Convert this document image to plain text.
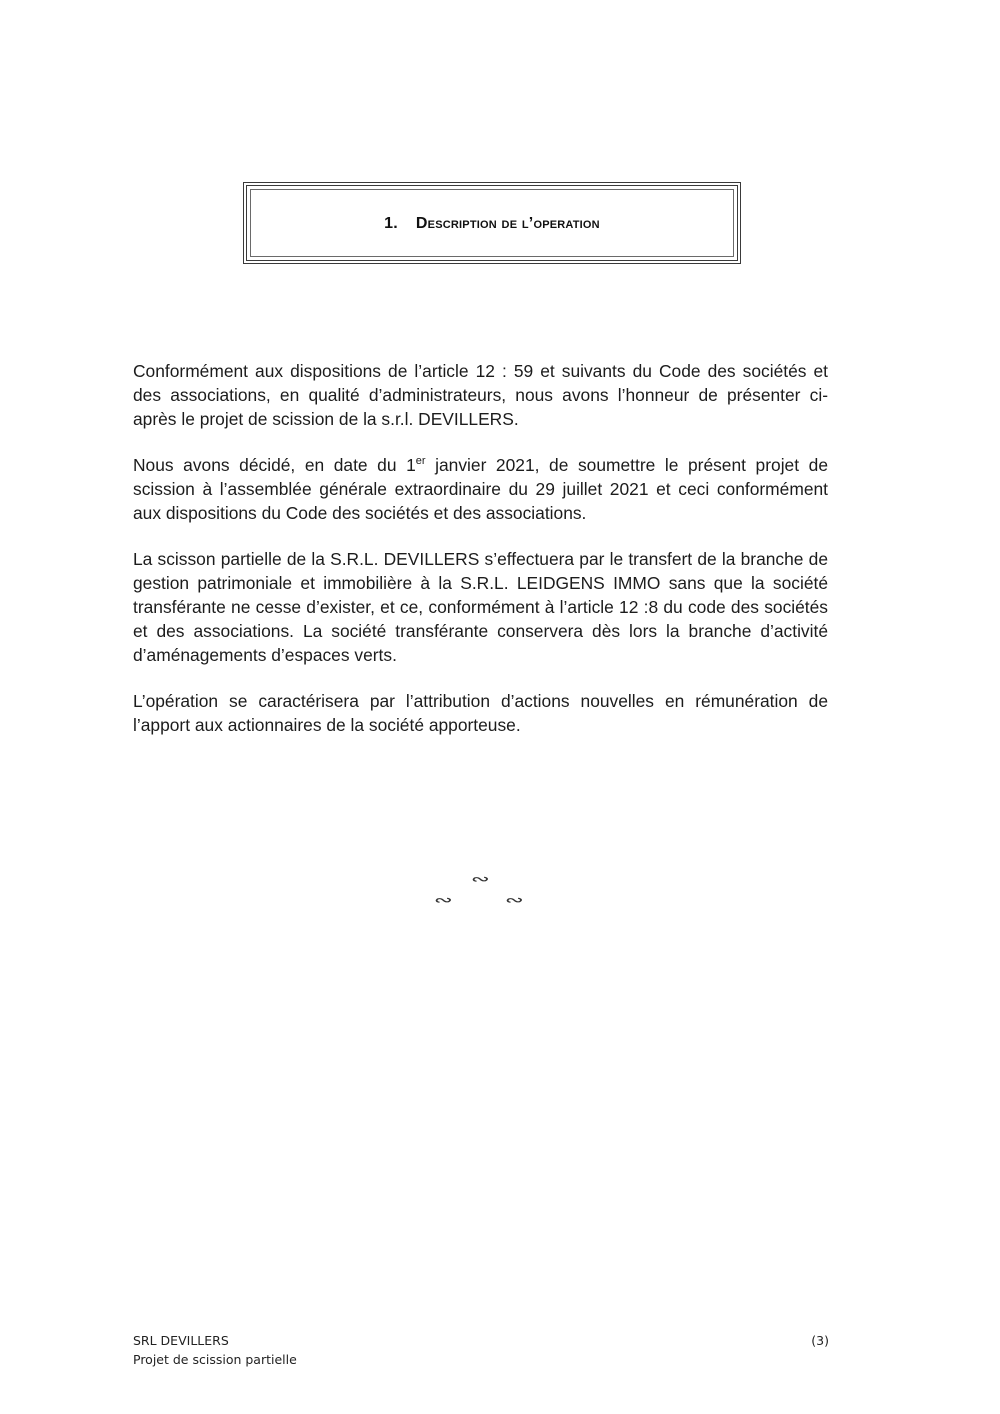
1. Description de l’operation

Conformément aux dispositions de l’article 12 : 59 et suivants du Code des sociétés et des associations, en qualité d’administrateurs, nous avons l’honneur de présenter ci-après le projet de scission de la s.r.l. DEVILLERS.

Nous avons décidé, en date du 1er janvier 2021, de soumettre le présent projet de scission à l’assemblée générale extraordinaire du 29 juillet 2021 et ceci conformément aux dispositions du Code des sociétés et des associations.

La scisson partielle de la S.R.L. DEVILLERS s’effectuera par le transfert de la branche de gestion patrimoniale et immobilière à la S.R.L. LEIDGENS IMMO sans que la société transférante ne cesse d’exister, et ce, conformément à l’article 12 :8 du code des sociétés et des associations. La société transférante conservera dès lors la branche d’activité d’aménagements d’espaces verts.

L’opération se caractérisera par l’attribution d’actions nouvelles en rémunération de l’apport aux actionnaires de la société apporteuse.

∾
∾	∾
SRL DEVILLERS
Projet de scission partielle
(3)
